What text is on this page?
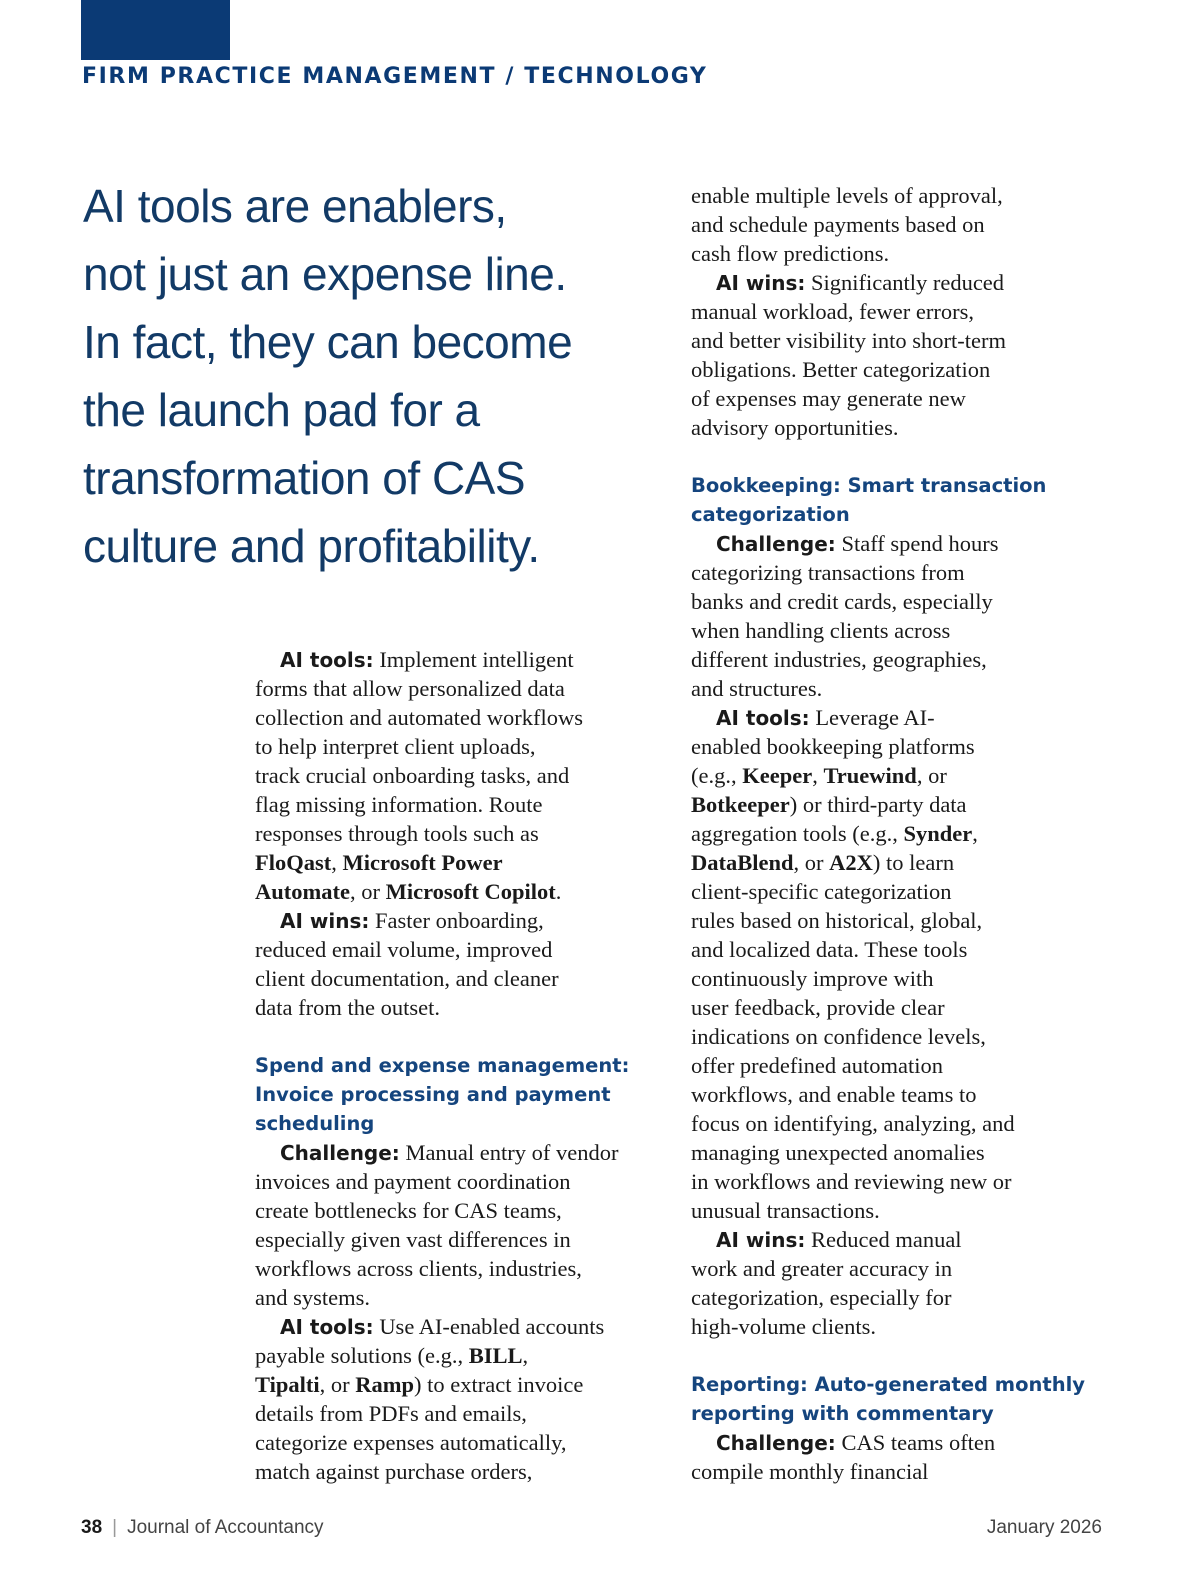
FIRM PRACTICE MANAGEMENT / TECHNOLOGY
AI tools are enablers,
not just an expense line.
In fact, they can become
the launch pad for a
transformation of CAS
culture and profitability.
AI tools: Implement intelligent
forms that allow personalized data
collection and automated workflows
to help interpret client uploads,
track crucial onboarding tasks, and
flag missing information. Route
responses through tools such as
FloQast, Microsoft Power
Automate, or Microsoft Copilot.
AI wins: Faster onboarding,
reduced email volume, improved
client documentation, and cleaner
data from the outset.
Spend and expense management:
Invoice processing and payment
scheduling
Challenge: Manual entry of vendor
invoices and payment coordination
create bottlenecks for CAS teams,
especially given vast differences in
workflows across clients, industries,
and systems.
AI tools: Use AI-enabled accounts
payable solutions (e.g., BILL,
Tipalti, or Ramp) to extract invoice
details from PDFs and emails,
categorize expenses automatically,
match against purchase orders,
enable multiple levels of approval,
and schedule payments based on
cash flow predictions.
AI wins: Significantly reduced
manual workload, fewer errors,
and better visibility into short-term
obligations. Better categorization
of expenses may generate new
advisory opportunities.
Bookkeeping: Smart transaction
categorization
Challenge: Staff spend hours
categorizing transactions from
banks and credit cards, especially
when handling clients across
different industries, geographies,
and structures.
AI tools: Leverage AI-
enabled bookkeeping platforms
(e.g., Keeper, Truewind, or
Botkeeper) or third-party data
aggregation tools (e.g., Synder,
DataBlend, or A2X) to learn
client-specific categorization
rules based on historical, global,
and localized data. These tools
continuously improve with
user feedback, provide clear
indications on confidence levels,
offer predefined automation
workflows, and enable teams to
focus on identifying, analyzing, and
managing unexpected anomalies
in workflows and reviewing new or
unusual transactions.
AI wins: Reduced manual
work and greater accuracy in
categorization, especially for
high-volume clients.
Reporting: Auto-generated monthly
reporting with commentary
Challenge: CAS teams often
compile monthly financial
38 | Journal of Accountancy	January 2026
